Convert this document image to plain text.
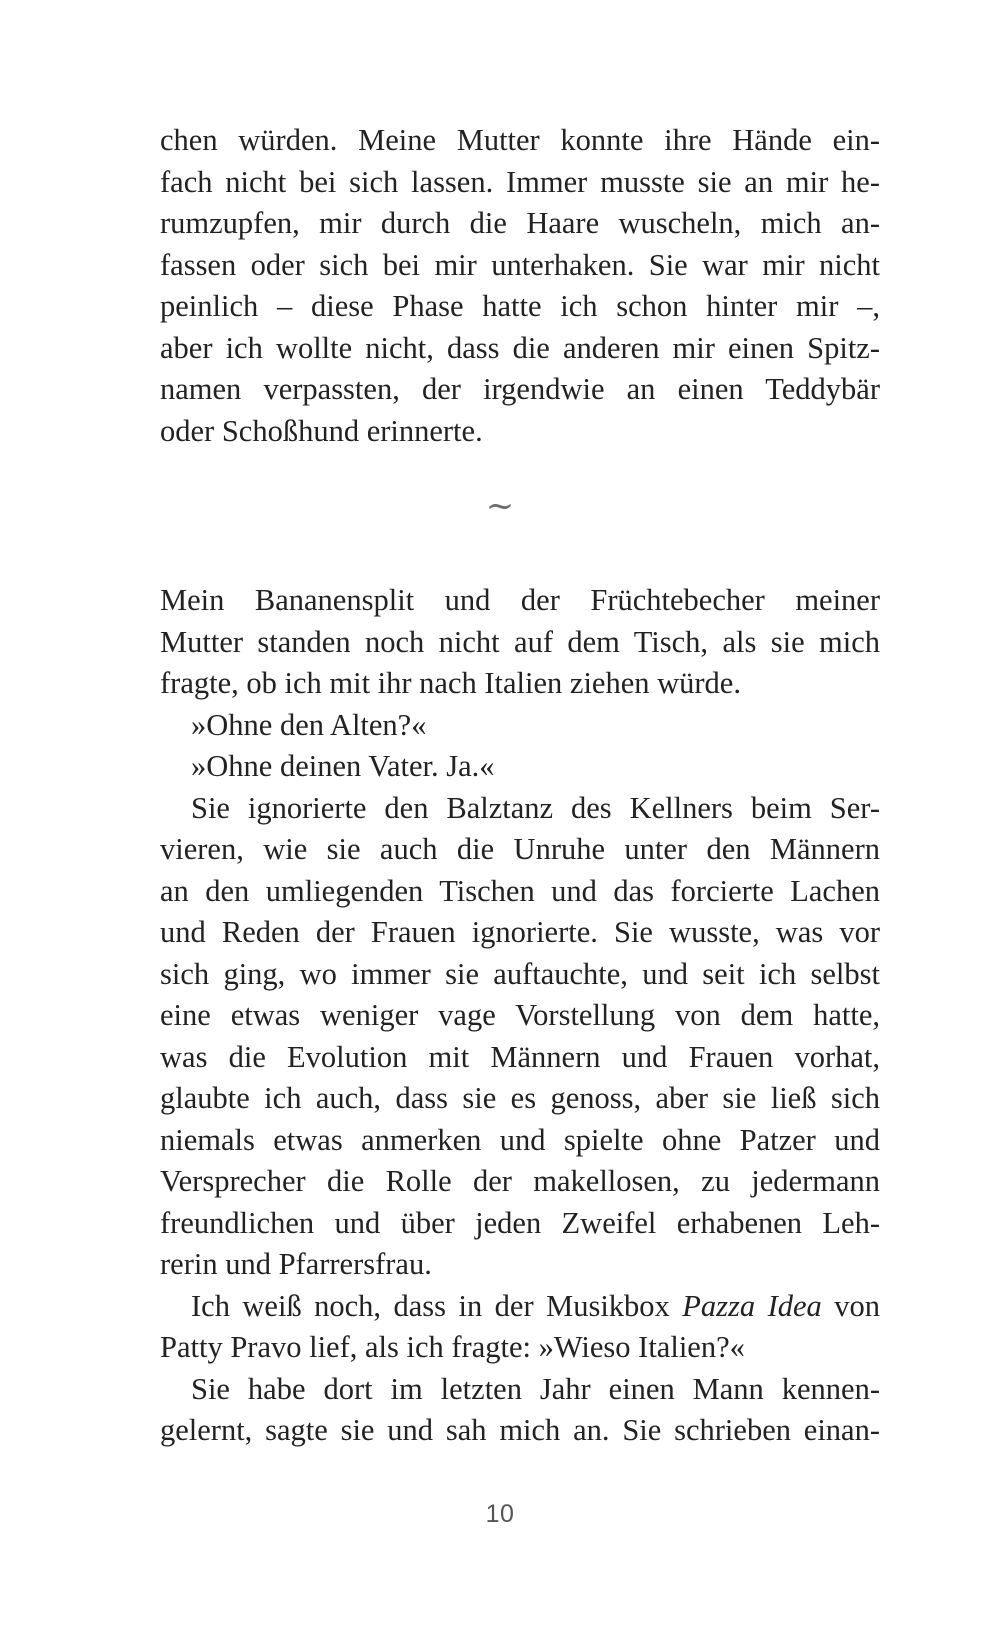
chen würden. Meine Mutter konnte ihre Hände ein-
fach nicht bei sich lassen. Immer musste sie an mir he-
rumzupfen, mir durch die Haare wuscheln, mich an-
fassen oder sich bei mir unterhaken. Sie war mir nicht
peinlich – diese Phase hatte ich schon hinter mir –,
aber ich wollte nicht, dass die anderen mir einen Spitz-
namen verpassten, der irgendwie an einen Teddybär
oder Schoßhund erinnerte.
~
Mein Bananensplit und der Früchtebecher meiner
Mutter standen noch nicht auf dem Tisch, als sie mich
fragte, ob ich mit ihr nach Italien ziehen würde.
»Ohne den Alten?«
»Ohne deinen Vater. Ja.«
Sie ignorierte den Balztanz des Kellners beim Ser-
vieren, wie sie auch die Unruhe unter den Männern
an den umliegenden Tischen und das forcierte Lachen
und Reden der Frauen ignorierte. Sie wusste, was vor
sich ging, wo immer sie auftauchte, und seit ich selbst
eine etwas weniger vage Vorstellung von dem hatte,
was die Evolution mit Männern und Frauen vorhat,
glaubte ich auch, dass sie es genoss, aber sie ließ sich
niemals etwas anmerken und spielte ohne Patzer und
Versprecher die Rolle der makellosen, zu jedermann
freundlichen und über jeden Zweifel erhabenen Leh-
rerin und Pfarrersfrau.
Ich weiß noch, dass in der Musikbox Pazza Idea von
Patty Pravo lief, als ich fragte: »Wieso Italien?«
Sie habe dort im letzten Jahr einen Mann kennen-
gelernt, sagte sie und sah mich an. Sie schrieben einan-
10
